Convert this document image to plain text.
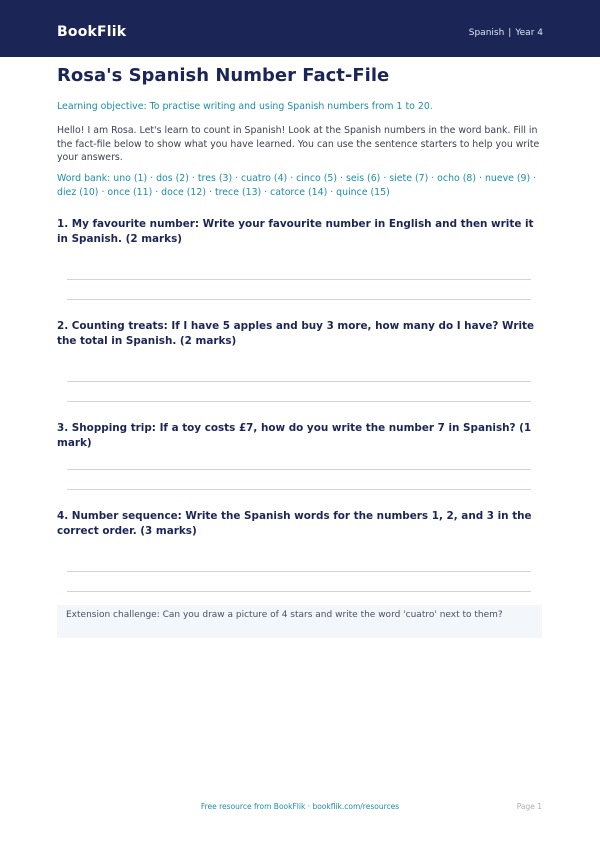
BookFlik	Spanish | Year 4
Rosa's Spanish Number Fact-File
Learning objective: To practise writing and using Spanish numbers from 1 to 20.
Hello! I am Rosa. Let's learn to count in Spanish! Look at the Spanish numbers in the word bank. Fill in the fact-file below to show what you have learned. You can use the sentence starters to help you write your answers.
Word bank: uno (1) · dos (2) · tres (3) · cuatro (4) · cinco (5) · seis (6) · siete (7) · ocho (8) · nueve (9) · diez (10) · once (11) · doce (12) · trece (13) · catorce (14) · quince (15)
1. My favourite number: Write your favourite number in English and then write it in Spanish. (2 marks)
2. Counting treats: If I have 5 apples and buy 3 more, how many do I have? Write the total in Spanish. (2 marks)
3. Shopping trip: If a toy costs £7, how do you write the number 7 in Spanish? (1 mark)
4. Number sequence: Write the Spanish words for the numbers 1, 2, and 3 in the correct order. (3 marks)
Extension challenge: Can you draw a picture of 4 stars and write the word 'cuatro' next to them?
Free resource from BookFlik · bookflik.com/resources	Page 1
